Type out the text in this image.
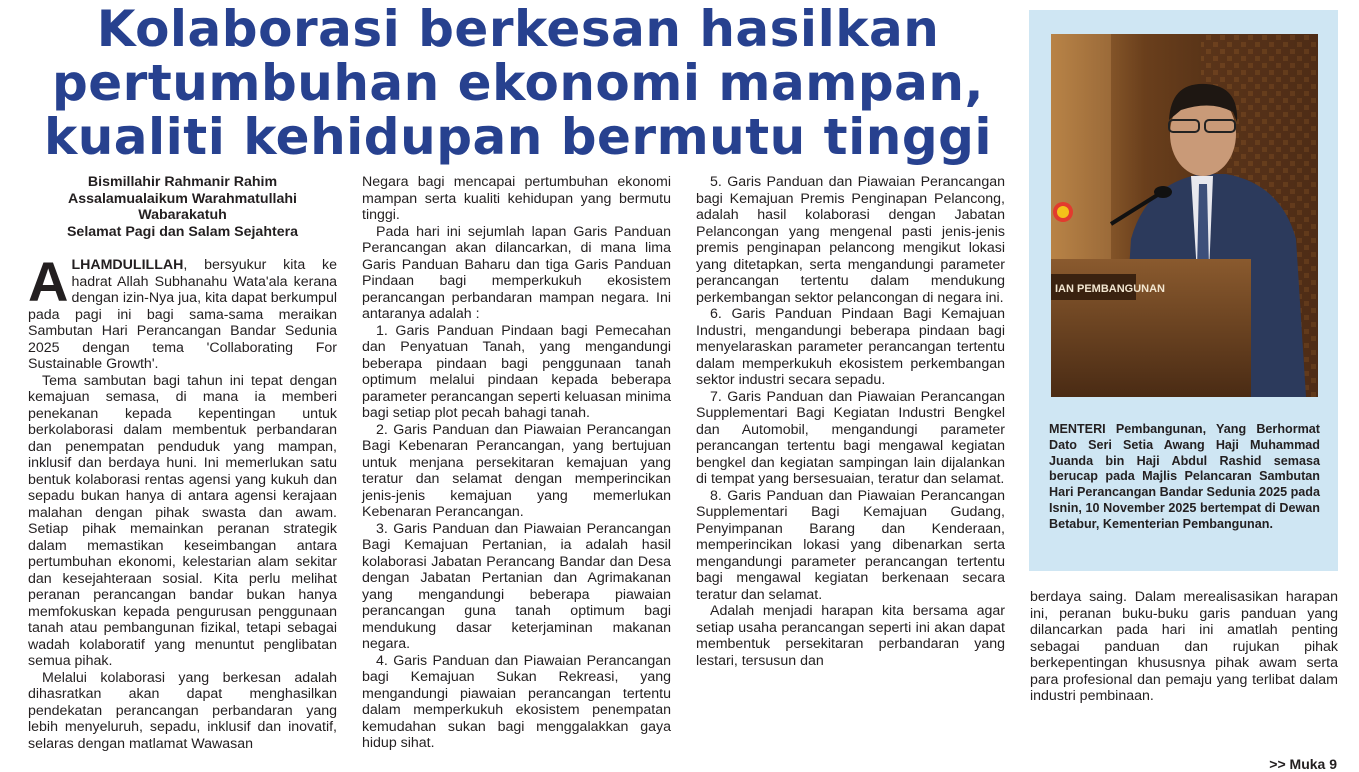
Kolaborasi berkesan hasilkan
pertumbuhan ekonomi mampan,
kualiti kehidupan bermutu tinggi
Bismillahir Rahmanir Rahim
Assalamualaikum Warahmatullahi
Wabarakatuh
Selamat Pagi dan Salam Sejahtera

ALHAMDULILLAH, bersyukur kita ke hadrat Allah Subhanahu Wata'ala kerana dengan izin-Nya jua, kita dapat berkumpul pada pagi ini bagi sama-sama meraikan Sambutan Hari Perancangan Bandar Sedunia 2025 dengan tema 'Collaborating For Sustainable Growth'.

Tema sambutan bagi tahun ini tepat dengan kemajuan semasa, di mana ia memberi penekanan kepada kepentingan untuk berkolaborasi dalam membentuk perbandaran dan penempatan penduduk yang mampan, inklusif dan berdaya huni. Ini memerlukan satu bentuk kolaborasi rentas agensi yang kukuh dan sepadu bukan hanya di antara agensi kerajaan malahan dengan pihak swasta dan awam. Setiap pihak memainkan peranan strategik dalam memastikan keseimbangan antara pertumbuhan ekonomi, kelestarian alam sekitar dan kesejahteraan sosial. Kita perlu melihat peranan perancangan bandar bukan hanya memfokuskan kepada pengurusan penggunaan tanah atau pembangunan fizikal, tetapi sebagai wadah kolaboratif yang menuntut penglibatan semua pihak.

Melalui kolaborasi yang berkesan adalah dihasratkan akan dapat menghasilkan pendekatan perancangan perbandaran yang lebih menyeluruh, sepadu, inklusif dan inovatif, selaras dengan matlamat Wawasan

Negara bagi mencapai pertumbuhan ekonomi mampan serta kualiti kehidupan yang bermutu tinggi.

Pada hari ini sejumlah lapan Garis Panduan Perancangan akan dilancarkan, di mana lima Garis Panduan Baharu dan tiga Garis Panduan Pindaan bagi memperkukuh ekosistem perancangan perbandaran mampan negara. Ini antaranya adalah :

1. Garis Panduan Pindaan bagi Pemecahan dan Penyatuan Tanah, yang mengandungi beberapa pindaan bagi penggunaan tanah optimum melalui pindaan kepada beberapa parameter perancangan seperti keluasan minima bagi setiap plot pecah bahagi tanah.

2. Garis Panduan dan Piawaian Perancangan Bagi Kebenaran Perancangan, yang bertujuan untuk menjana persekitaran kemajuan yang teratur dan selamat dengan memperincikan jenis-jenis kemajuan yang memerlukan Kebenaran Perancangan.

3. Garis Panduan dan Piawaian Perancangan Bagi Kemajuan Pertanian, ia adalah hasil kolaborasi Jabatan Perancang Bandar dan Desa dengan Jabatan Pertanian dan Agrimakanan yang mengandungi beberapa piawaian perancangan guna tanah optimum bagi mendukung dasar keterjaminan makanan negara.

4. Garis Panduan dan Piawaian Perancangan bagi Kemajuan Sukan Rekreasi, yang mengandungi piawaian perancangan tertentu dalam memperkukuh ekosistem penempatan kemudahan sukan bagi menggalakkan gaya hidup sihat.

5. Garis Panduan dan Piawaian Perancangan bagi Kemajuan Premis Penginapan Pelancong, adalah hasil kolaborasi dengan Jabatan Pelancongan yang mengenal pasti jenis-jenis premis penginapan pelancong mengikut lokasi yang ditetapkan, serta mengandungi parameter perancangan tertentu dalam mendukung perkembangan sektor pelancongan di negara ini.

6. Garis Panduan Pindaan Bagi Kemajuan Industri, mengandungi beberapa pindaan bagi menyelaraskan parameter perancangan tertentu dalam memperkukuh ekosistem perkembangan sektor industri secara sepadu.

7. Garis Panduan dan Piawaian Perancangan Supplementari Bagi Kegiatan Industri Bengkel dan Automobil, mengandungi parameter perancangan tertentu bagi mengawal kegiatan bengkel dan kegiatan sampingan lain dijalankan di tempat yang bersesuaian, teratur dan selamat.

8. Garis Panduan dan Piawaian Perancangan Supplementari Bagi Kemajuan Gudang, Penyimpanan Barang dan Kenderaan, memperincikan lokasi yang dibenarkan serta mengandungi parameter perancangan tertentu bagi mengawal kegiatan berkenaan secara teratur dan selamat.

Adalah menjadi harapan kita bersama agar setiap usaha perancangan seperti ini akan dapat membentuk persekitaran perbandaran yang lestari, tersusun dan

IAN PEMBANGUNAN
MENTERI Pembangunan, Yang Berhormat Dato Seri Setia Awang Haji Muhammad Juanda bin Haji Abdul Rashid semasa berucap pada Majlis Pelancaran Sambutan Hari Perancangan Bandar Sedunia 2025 pada Isnin, 10 November 2025 bertempat di Dewan Betabur, Kementerian Pembangunan.

berdaya saing. Dalam merealisasikan harapan ini, peranan buku-buku garis panduan yang dilancarkan pada hari ini amatlah penting sebagai panduan dan rujukan pihak berkepentingan khususnya pihak awam serta para profesional dan pemaju yang terlibat dalam industri pembinaan.

>> Muka 9
